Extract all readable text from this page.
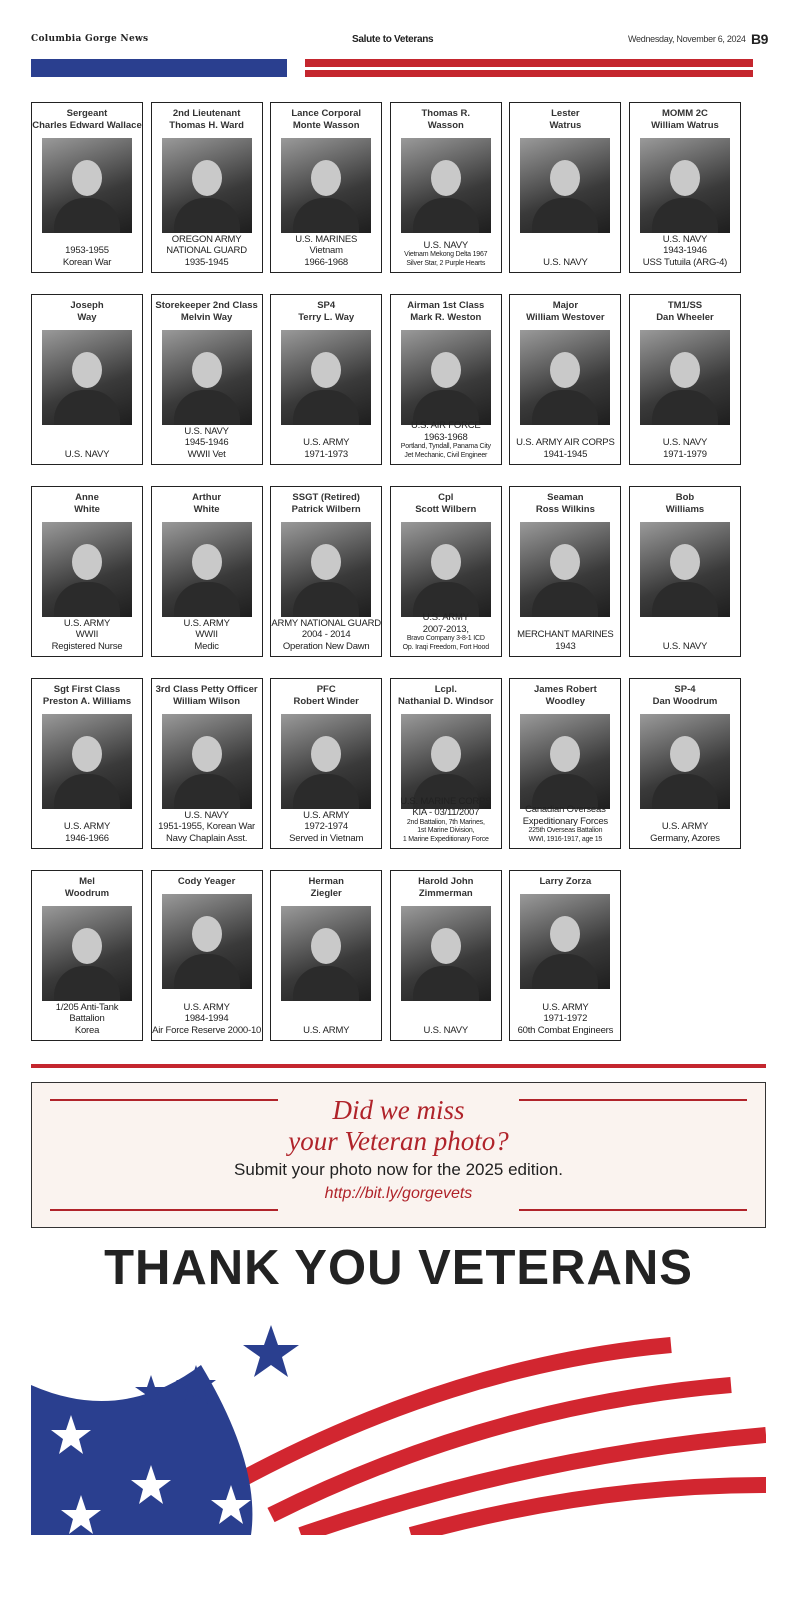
Columbia Gorge News	Salute to Veterans	Wednesday, November 6, 2024 B9
Sergeant
Charles Edward Wallace
1953-1955
Korean War
2nd Lieutenant
Thomas H. Ward
OREGON ARMY
NATIONAL GUARD
1935-1945
Lance Corporal
Monte Wasson
U.S. MARINES
Vietnam
1966-1968
Thomas R.
Wasson
U.S. NAVY
Vietnam Mekong Delta 1967
Silver Star, 2 Purple Hearts
Lester
Watrus
U.S. NAVY
MOMM 2C
William Watrus
U.S. NAVY
1943-1946
USS Tutuila (ARG-4)
Joseph
Way
U.S. NAVY
Storekeeper 2nd Class
Melvin Way
U.S. NAVY
1945-1946
WWII Vet
SP4
Terry L. Way
U.S. ARMY
1971-1973
Airman 1st Class
Mark R. Weston
U.S. AIR FORCE
1963-1968
Portland, Tyndall, Panama City
Jet Mechanic, Civil Engineer
Major
William Westover
U.S. ARMY AIR CORPS
1941-1945
TM1/SS
Dan Wheeler
U.S. NAVY
1971-1979
Anne
White
U.S. ARMY
WWII
Registered Nurse
Arthur
White
U.S. ARMY
WWII
Medic
SSGT (Retired)
Patrick Wilbern
ARMY NATIONAL GUARD
2004 - 2014
Operation New Dawn
Cpl
Scott Wilbern
U.S. ARMY
2007-2013,
Bravo Company 3-8-1 ICD
Op. Iraqi Freedom, Fort Hood
Seaman
Ross Wilkins
MERCHANT MARINES
1943
Bob
Williams
U.S. NAVY
Sgt First Class
Preston A. Williams
U.S. ARMY
1946-1966
3rd Class Petty Officer
William Wilson
U.S. NAVY
1951-1955, Korean War
Navy Chaplain Asst.
PFC
Robert Winder
U.S. ARMY
1972-1974
Served in Vietnam
Lcpl.
Nathanial D. Windsor
U.S. MARINE CORPS
KIA - 03/11/2007
2nd Battalion, 7th Marines,
1st Marine Division,
1 Marine Expeditionary Force
James Robert
Woodley
Canadian Overseas
Expeditionary Forces
225th Overseas Battalion
WWI, 1916-1917, age 15
SP-4
Dan Woodrum
U.S. ARMY
Germany, Azores
Mel
Woodrum
1/205 Anti-Tank
Battalion
Korea
Cody Yeager
U.S. ARMY
1984-1994
Air Force Reserve 2000-10
Herman
Ziegler
U.S. ARMY
Harold John
Zimmerman
U.S. NAVY
Larry Zorza
U.S. ARMY
1971-1972
60th Combat Engineers
Did we miss
your Veteran photo?
Submit your photo now for the 2025 edition.
http://bit.ly/gorgevets
THANK YOU VETERANS
